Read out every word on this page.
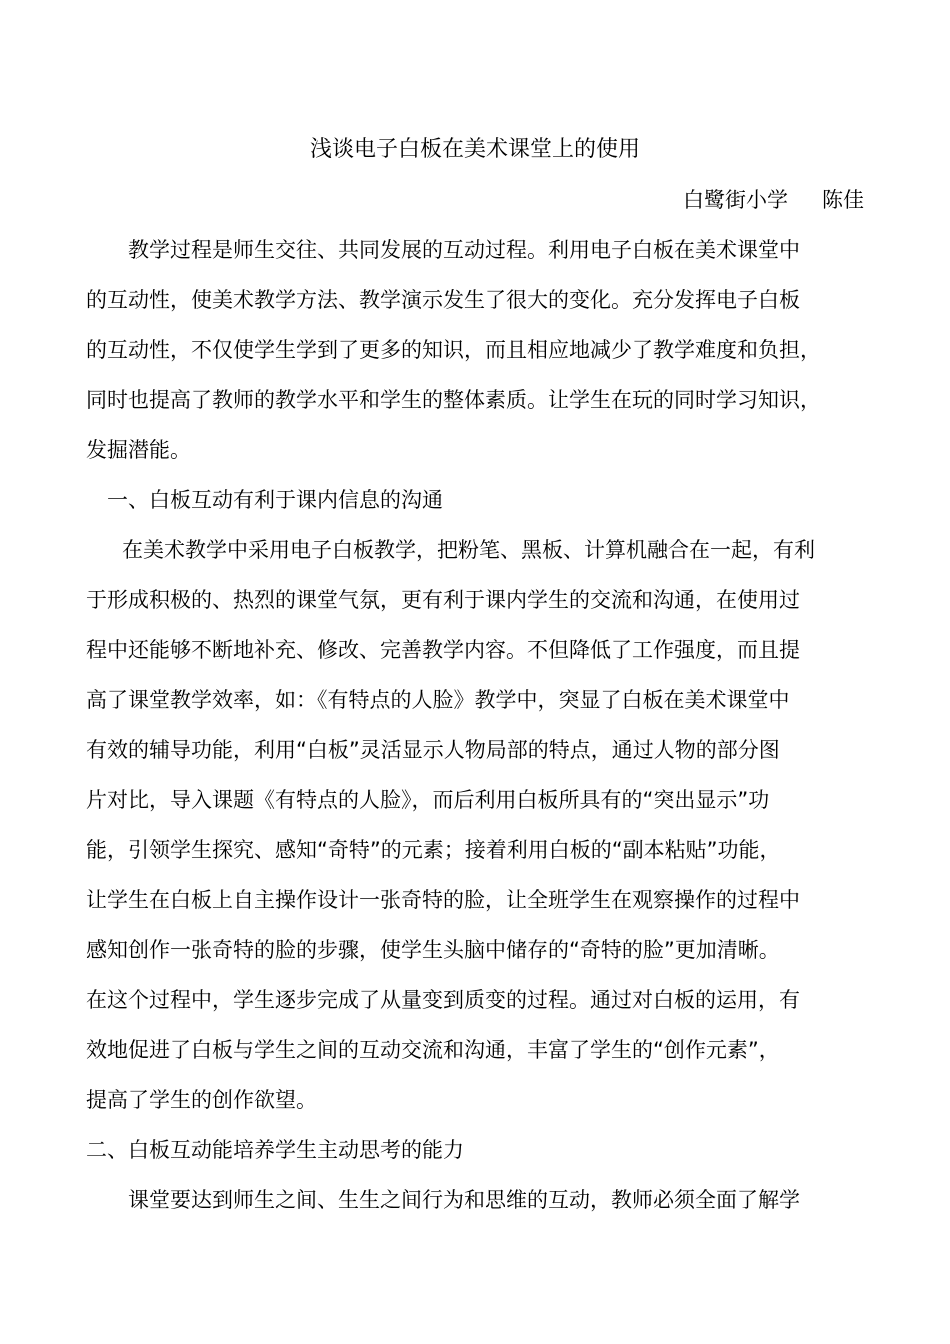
浅谈电子白板在美术课堂上的使用
白鹭街小学 陈佳
教学过程是师生交往、共同发展的互动过程。利用电子白板在美术课堂中
的互动性，使美术教学方法、教学演示发生了很大的变化。充分发挥电子白板
的互动性，不仅使学生学到了更多的知识，而且相应地减少了教学难度和负担，
同时也提高了教师的教学水平和学生的整体素质。让学生在玩的同时学习知识，
发掘潜能。
一、白板互动有利于课内信息的沟通
在美术教学中采用电子白板教学，把粉笔、黑板、计算机融合在一起，有利
于形成积极的、热烈的课堂气氛，更有利于课内学生的交流和沟通，在使用过
程中还能够不断地补充、修改、完善教学内容。不但降低了工作强度，而且提
高了课堂教学效率，如：《有特点的人脸》教学中，突显了白板在美术课堂中
有效的辅导功能，利用“白板”灵活显示人物局部的特点，通过人物的部分图
片对比，导入课题《有特点的人脸》，而后利用白板所具有的“突出显示”功
能，引领学生探究、感知“奇特”的元素；接着利用白板的“副本粘贴”功能，
让学生在白板上自主操作设计一张奇特的脸，让全班学生在观察操作的过程中
感知创作一张奇特的脸的步骤，使学生头脑中储存的“奇特的脸”更加清晰。
在这个过程中，学生逐步完成了从量变到质变的过程。通过对白板的运用，有
效地促进了白板与学生之间的互动交流和沟通，丰富了学生的“创作元素”，
提高了学生的创作欲望。
二、白板互动能培养学生主动思考的能力
课堂要达到师生之间、生生之间行为和思维的互动，教师必须全面了解学
